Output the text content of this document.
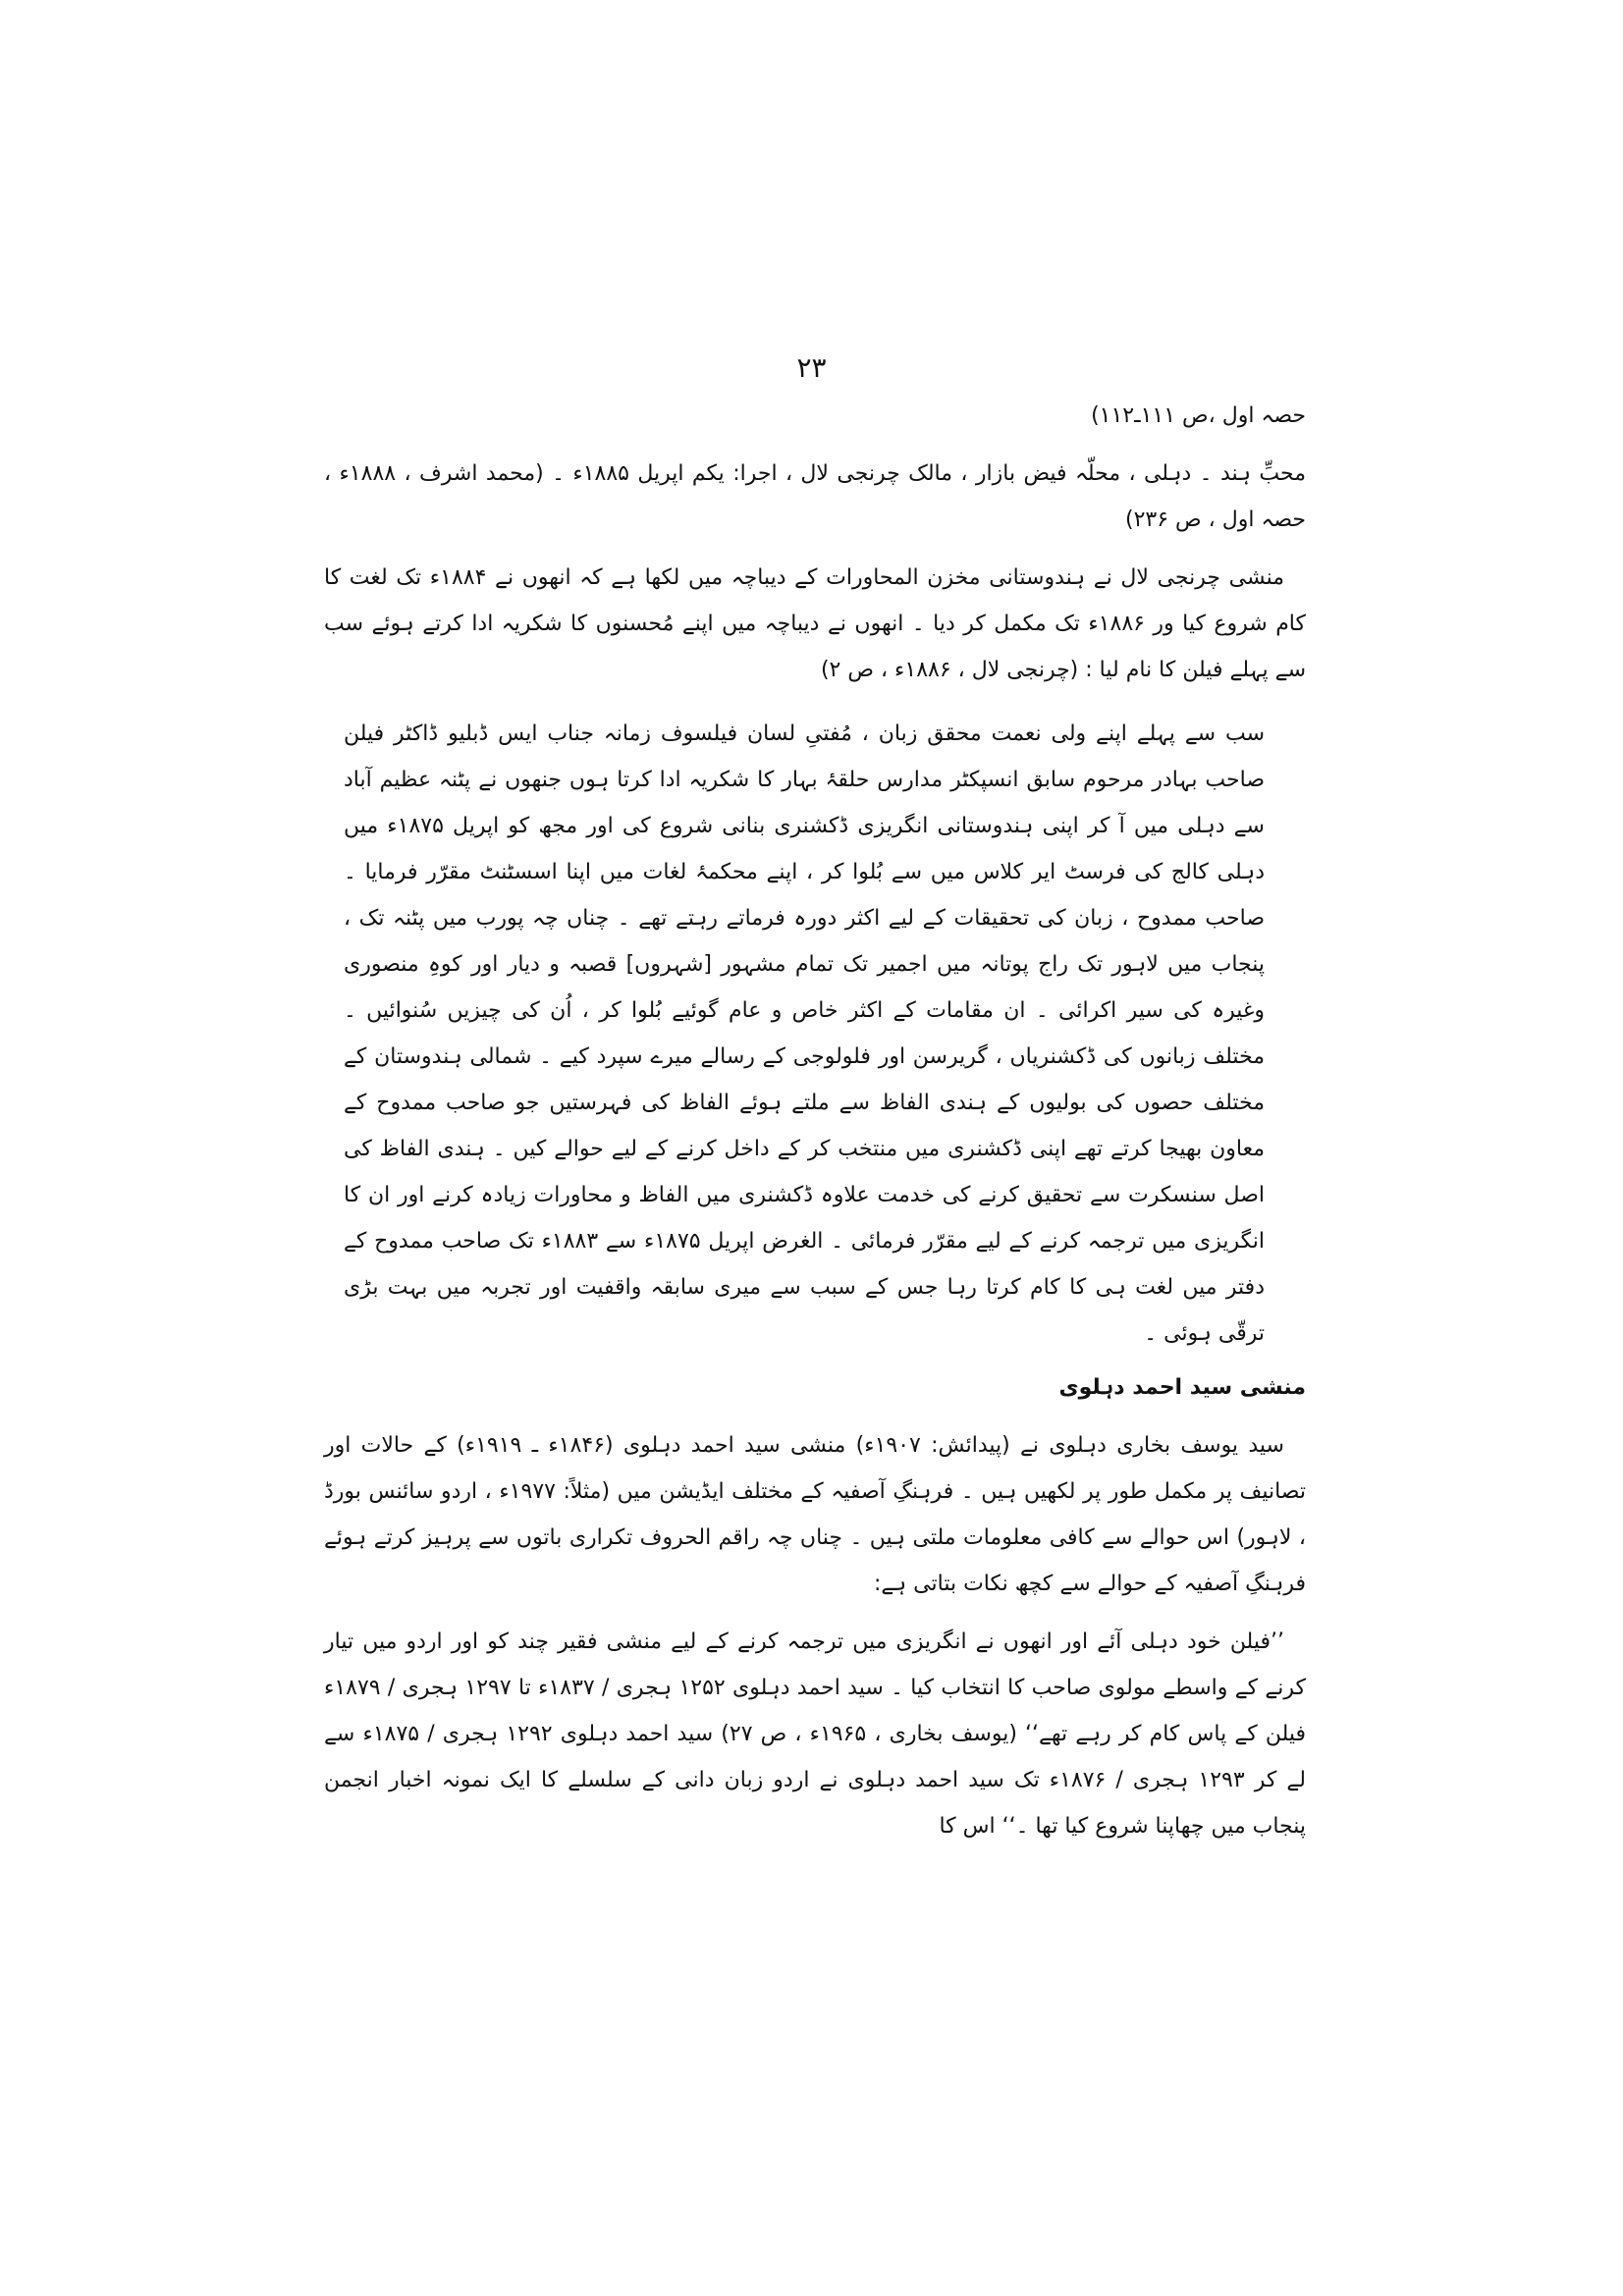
۲۳

حصہ اول ،ص ۱۱۱ـ۱۱۲)

محبِّ ہند ۔ دہلی ، محلّہ فیض بازار ، مالک چرنجی لال ، اجرا: یکم اپریل ۱۸۸۵ء ۔ (محمد اشرف ، ۱۸۸۸ء ، حصہ اول ، ص ۲۳۶)

منشی چرنجی لال نے ہندوستانی مخزن المحاورات کے دیباچہ میں لکھا ہے کہ انھوں نے ۱۸۸۴ء تک لغت کا کام شروع کیا ور ۱۸۸۶ء تک مکمل کر دیا ۔ انھوں نے دیباچہ میں اپنے مُحسنوں کا شکریہ ادا کرتے ہوئے سب سے پہلے فیلن کا نام لیا : (چرنجی لال ، ۱۸۸۶ء ، ص ۲)

سب سے پہلے اپنے ولی نعمت محقق زبان ، مُفتیِ لسان فیلسوف زمانہ جناب ایس ڈبلیو ڈاکٹر فیلن صاحب بہادر مرحوم سابق انسپکٹر مدارس حلقۂ بہار کا شکریہ ادا کرتا ہوں جنھوں نے پٹنہ عظیم آباد سے دہلی میں آ کر اپنی ہندوستانی انگریزی ڈکشنری بنانی شروع کی اور مجھ کو اپریل ۱۸۷۵ء میں دہلی کالج کی فرسٹ ایر کلاس میں سے بُلوا کر ، اپنے محکمۂ لغات میں اپنا اسسٹنٹ مقرّر فرمایا ۔ صاحب ممدوح ، زبان کی تحقیقات کے لیے اکثر دورہ فرماتے رہتے تھے ۔ چناں چہ پورب میں پٹنہ تک ، پنجاب میں لاہور تک راج پوتانہ میں اجمیر تک تمام مشہور [شہروں] قصبہ و دیار اور کوہِ منصوری وغیرہ کی سیر اکرائی ۔ ان مقامات کے اکثر خاص و عام گوئیے بُلوا کر ، اُن کی چیزیں سُنوائیں ۔ مختلف زبانوں کی ڈکشنریاں ، گریرسن اور فلولوجی کے رسالے میرے سپرد کیے ۔ شمالی ہندوستان کے مختلف حصوں کی بولیوں کے ہندی الفاظ سے ملتے ہوئے الفاظ کی فہرستیں جو صاحب ممدوح کے معاون بھیجا کرتے تھے اپنی ڈکشنری میں منتخب کر کے داخل کرنے کے لیے حوالے کیں ۔ ہندی الفاظ کی اصل سنسکرت سے تحقیق کرنے کی خدمت علاوہ ڈکشنری میں الفاظ و محاورات زیادہ کرنے اور ان کا انگریزی میں ترجمہ کرنے کے لیے مقرّر فرمائی ۔ الغرض اپریل ۱۸۷۵ء سے ۱۸۸۳ء تک صاحب ممدوح کے دفتر میں لغت ہی کا کام کرتا رہا جس کے سبب سے میری سابقہ واقفیت اور تجربہ میں بہت بڑی ترقّی ہوئی ۔

منشی سید احمد دہلوی

سید یوسف بخاری دہلوی نے (پیدائش: ۱۹۰۷ء) منشی سید احمد دہلوی (۱۸۴۶ء ـ ۱۹۱۹ء) کے حالات اور تصانیف پر مکمل طور پر لکھیں ہیں ۔ فرہنگِ آصفیہ کے مختلف ایڈیشن میں (مثلاً: ۱۹۷۷ء ، اردو سائنس بورڈ ، لاہور) اس حوالے سے کافی معلومات ملتی ہیں ۔ چناں چہ راقم الحروف تکراری باتوں سے پرہیز کرتے ہوئے فرہنگِ آصفیہ کے حوالے سے کچھ نکات بتاتی ہے:

’’فیلن خود دہلی آئے اور انھوں نے انگریزی میں ترجمہ کرنے کے لیے منشی فقیر چند کو اور اردو میں تیار کرنے کے واسطے مولوی صاحب کا انتخاب کیا ۔ سید احمد دہلوی ۱۲۵۲ ہجری / ۱۸۳۷ء تا ۱۲۹۷ ہجری / ۱۸۷۹ء فیلن کے پاس کام کر رہے تھے‘‘ (یوسف بخاری ، ۱۹۶۵ء ، ص ۲۷) سید احمد دہلوی ۱۲۹۲ ہجری / ۱۸۷۵ء سے لے کر ۱۲۹۳ ہجری / ۱۸۷۶ء تک سید احمد دہلوی نے اردو زبان دانی کے سلسلے کا ایک نمونہ اخبار انجمن پنجاب میں چھاپنا شروع کیا تھا ۔‘‘ اس کا
